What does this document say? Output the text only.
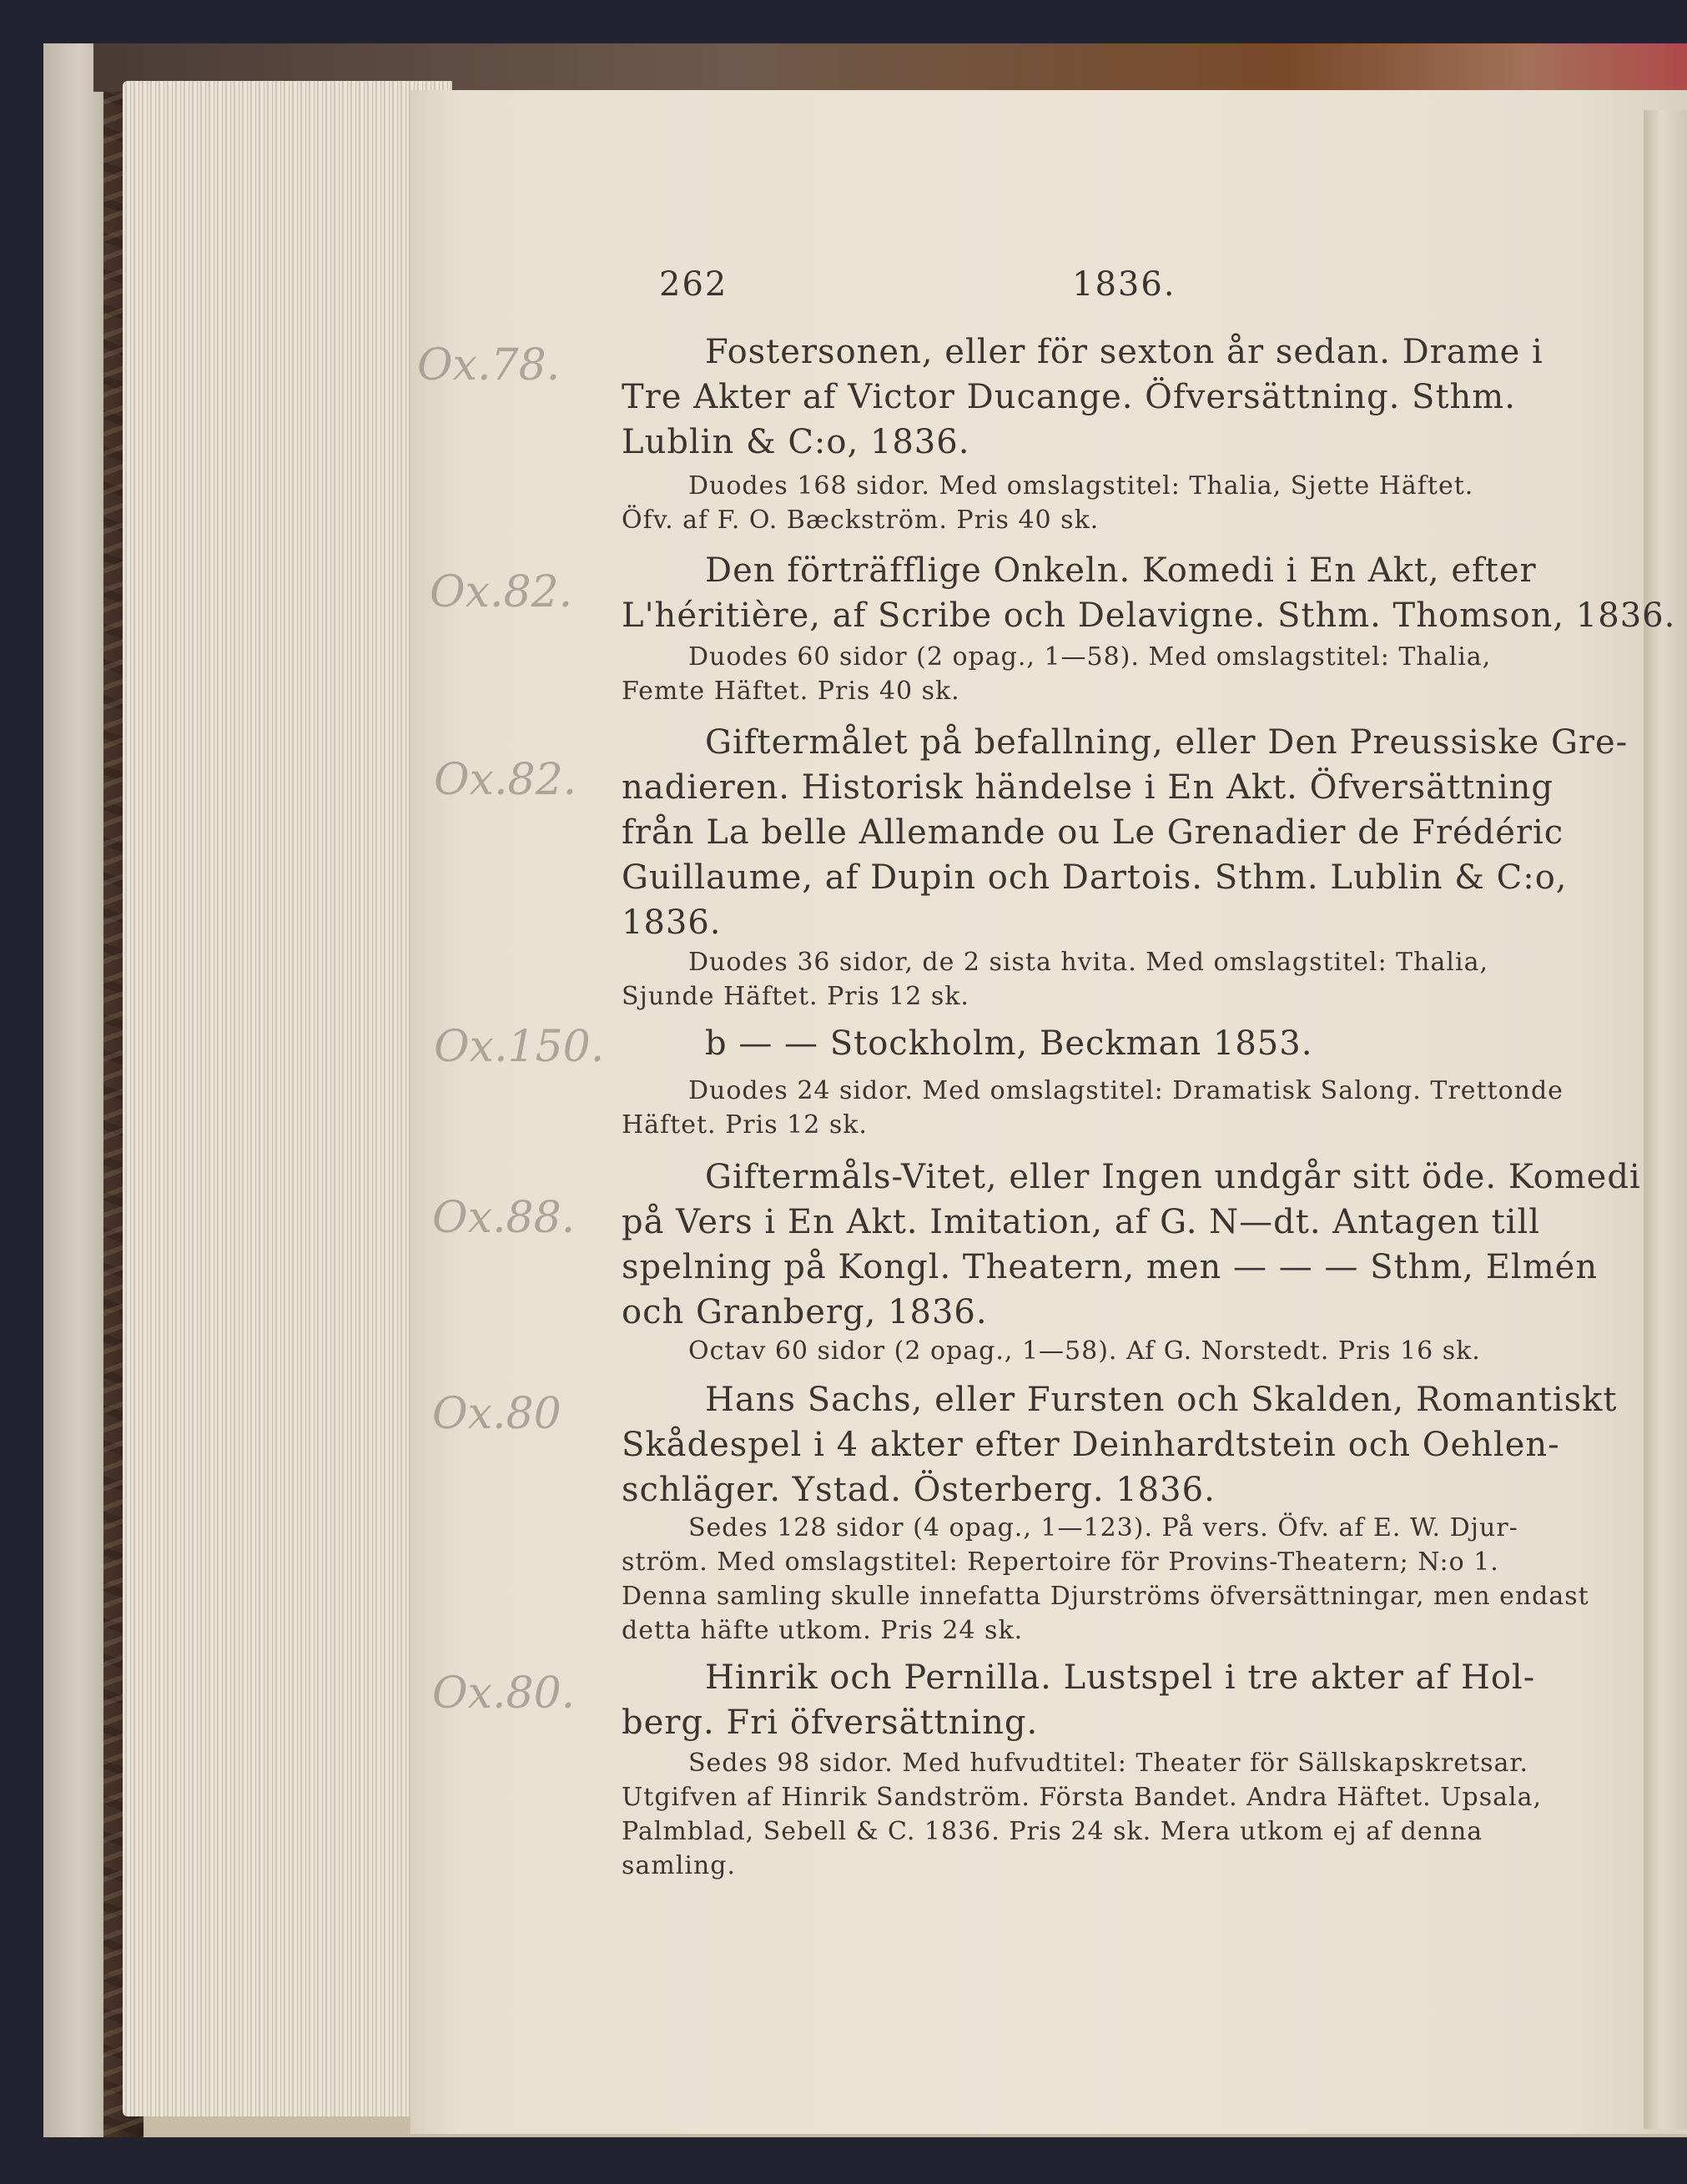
262	1836.
Ox.78.
Ox.82.
Ox.82.
Ox.150.
Ox.88.
Ox.80
Ox.80.
Fostersonen, eller för sexton år sedan. Drame i
Tre Akter af Victor Ducange. Öfversättning. Sthm.
Lublin & C:o, 1836.
Duodes 168 sidor. Med omslagstitel: Thalia, Sjette Häftet.
Öfv. af F. O. Bæckström. Pris 40 sk.
Den förträfflige Onkeln. Komedi i En Akt, efter
L'héritière, af Scribe och Delavigne. Sthm. Thomson, 1836.
Duodes 60 sidor (2 opag., 1—58). Med omslagstitel: Thalia,
Femte Häftet. Pris 40 sk.
Giftermålet på befallning, eller Den Preussiske Gre-
nadieren. Historisk händelse i En Akt. Öfversättning
från La belle Allemande ou Le Grenadier de Frédéric
Guillaume, af Dupin och Dartois. Sthm. Lublin & C:o,
1836.
Duodes 36 sidor, de 2 sista hvita. Med omslagstitel: Thalia,
Sjunde Häftet. Pris 12 sk.
b — — Stockholm, Beckman 1853.
Duodes 24 sidor. Med omslagstitel: Dramatisk Salong. Trettonde
Häftet. Pris 12 sk.
Giftermåls-Vitet, eller Ingen undgår sitt öde. Komedi
på Vers i En Akt. Imitation, af G. N—dt. Antagen till
spelning på Kongl. Theatern, men — — — Sthm, Elmén
och Granberg, 1836.
Octav 60 sidor (2 opag., 1—58). Af G. Norstedt. Pris 16 sk.
Hans Sachs, eller Fursten och Skalden, Romantiskt
Skådespel i 4 akter efter Deinhardtstein och Oehlen-
schläger. Ystad. Österberg. 1836.
Sedes 128 sidor (4 opag., 1—123). På vers. Öfv. af E. W. Djur-
ström. Med omslagstitel: Repertoire för Provins-Theatern; N:o 1.
Denna samling skulle innefatta Djurströms öfversättningar, men endast
detta häfte utkom. Pris 24 sk.
Hinrik och Pernilla. Lustspel i tre akter af Hol-
berg. Fri öfversättning.
Sedes 98 sidor. Med hufvudtitel: Theater för Sällskapskretsar.
Utgifven af Hinrik Sandström. Första Bandet. Andra Häftet. Upsala,
Palmblad, Sebell & C. 1836. Pris 24 sk. Mera utkom ej af denna
samling.
